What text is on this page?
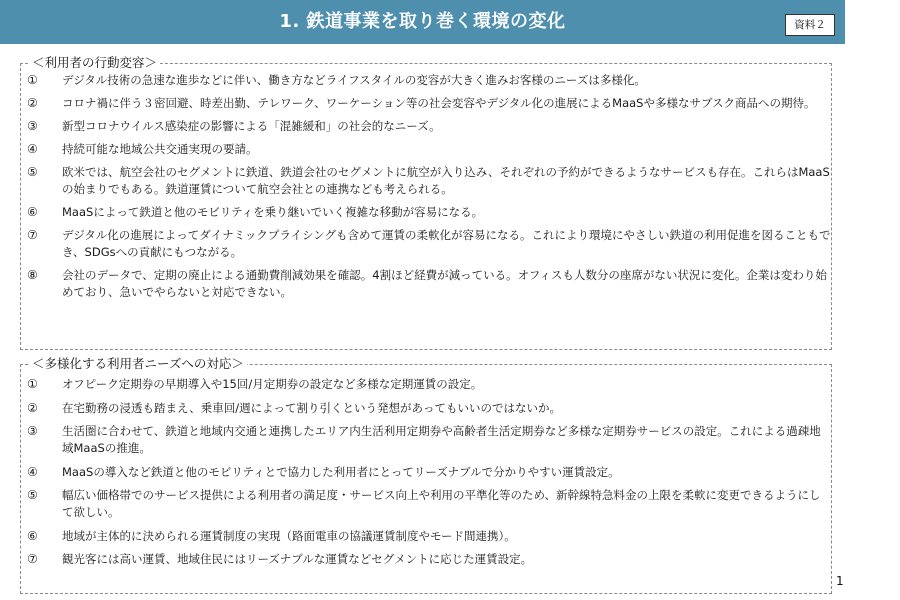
1. 鉄道事業を取り巻く環境の変化	資料２
＜利用者の行動変容＞
①	デジタル技術の急速な進歩などに伴い、働き方などライフスタイルの変容が大きく進みお客様のニーズは多様化。
②	コロナ禍に伴う３密回避、時差出勤、テレワーク、ワーケーション等の社会変容やデジタル化の進展によるMaaSや多様なサブスク商品への期待。
③	新型コロナウイルス感染症の影響による「混雑緩和」の社会的なニーズ。
④	持続可能な地域公共交通実現の要請。
⑤	欧米では、航空会社のセグメントに鉄道、鉄道会社のセグメントに航空が入り込み、それぞれの予約ができるようなサービスも存在。これらはMaaSの始まりでもある。鉄道運賃について航空会社との連携なども考えられる。
⑥	MaaSによって鉄道と他のモビリティを乗り継いでいく複雑な移動が容易になる。
⑦	デジタル化の進展によってダイナミックプライシングも含めて運賃の柔軟化が容易になる。これにより環境にやさしい鉄道の利用促進を図ることもでき、SDGsへの貢献にもつながる。
⑧	会社のデータで、定期の廃止による通勤費削減効果を確認。4割ほど経費が減っている。オフィスも人数分の座席がない状況に変化。企業は変わり始めており、急いでやらないと対応できない。
＜多様化する利用者ニーズへの対応＞
①	オフピーク定期券の早期導入や15回/月定期券の設定など多様な定期運賃の設定。
②	在宅勤務の浸透も踏まえ、乗車回/週によって割り引くという発想があってもいいのではないか。
③	生活圏に合わせて、鉄道と地域内交通と連携したエリア内生活利用定期券や高齢者生活定期券など多様な定期券サービスの設定。これによる過疎地域MaaSの推進。
④	MaaSの導入など鉄道と他のモビリティとで協力した利用者にとってリーズナブルで分かりやすい運賃設定。
⑤	幅広い価格帯でのサービス提供による利用者の満足度・サービス向上や利用の平準化等のため、新幹線特急料金の上限を柔軟に変更できるようにして欲しい。
⑥	地域が主体的に決められる運賃制度の実現（路面電車の協議運賃制度やモード間連携）。
⑦	観光客には高い運賃、地域住民にはリーズナブルな運賃などセグメントに応じた運賃設定。
1
